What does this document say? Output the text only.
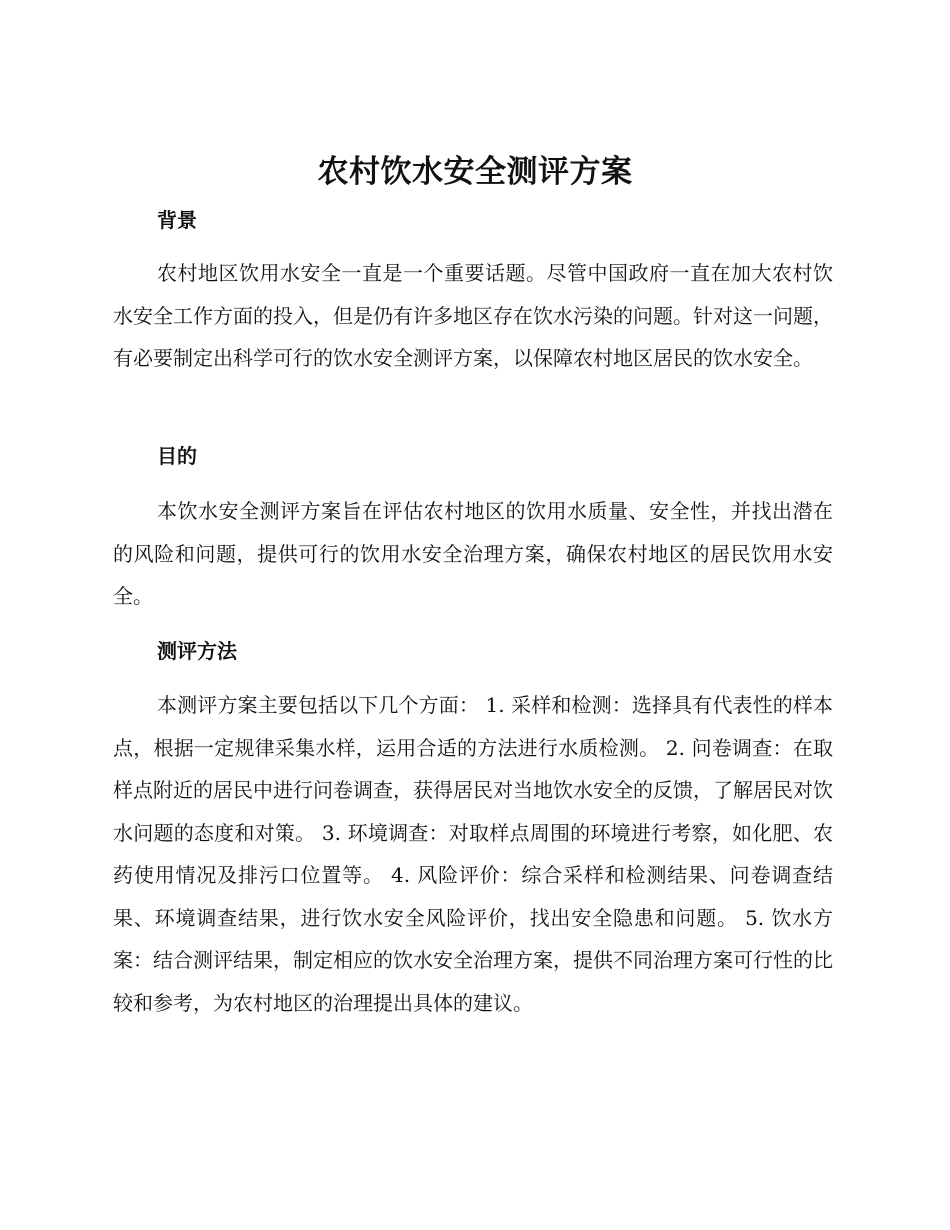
农村饮水安全测评方案
背景

农村地区饮用水安全一直是一个重要话题。尽管中国政府一直在加大农村饮水安全工作方面的投入，但是仍有许多地区存在饮水污染的问题。针对这一问题，有必要制定出科学可行的饮水安全测评方案，以保障农村地区居民的饮水安全。

目的

本饮水安全测评方案旨在评估农村地区的饮用水质量、安全性，并找出潜在的风险和问题，提供可行的饮用水安全治理方案，确保农村地区的居民饮用水安全。

测评方法

本测评方案主要包括以下几个方面： 1. 采样和检测：选择具有代表性的样本点，根据一定规律采集水样，运用合适的方法进行水质检测。 2. 问卷调查：在取样点附近的居民中进行问卷调查，获得居民对当地饮水安全的反馈，了解居民对饮水问题的态度和对策。 3. 环境调查：对取样点周围的环境进行考察，如化肥、农药使用情况及排污口位置等。 4. 风险评价：综合采样和检测结果、问卷调查结果、环境调查结果，进行饮水安全风险评价，找出安全隐患和问题。 5. 饮水方案：结合测评结果，制定相应的饮水安全治理方案，提供不同治理方案可行性的比较和参考，为农村地区的治理提出具体的建议。
